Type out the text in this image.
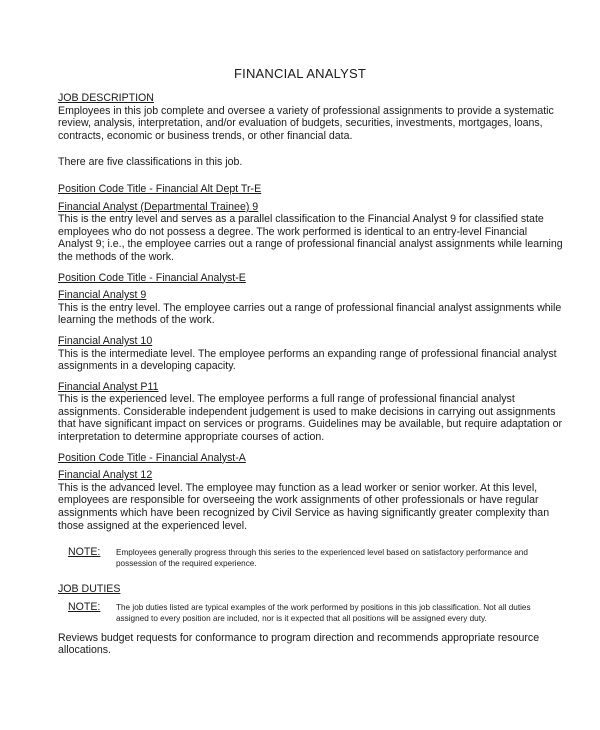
FINANCIAL ANALYST

JOB DESCRIPTION

Employees in this job complete and oversee a variety of professional assignments to provide a systematic review, analysis, interpretation, and/or evaluation of budgets, securities, investments, mortgages, loans, contracts, economic or business trends, or other financial data.

There are five classifications in this job.

Position Code Title - Financial Alt Dept Tr-E

Financial Analyst (Departmental Trainee) 9

This is the entry level and serves as a parallel classification to the Financial Analyst 9 for classified state employees who do not possess a degree. The work performed is identical to an entry-level Financial Analyst 9; i.e., the employee carries out a range of professional financial analyst assignments while learning the methods of the work.

Position Code Title - Financial Analyst-E

Financial Analyst 9

This is the entry level. The employee carries out a range of professional financial analyst assignments while learning the methods of the work.

Financial Analyst 10

This is the intermediate level. The employee performs an expanding range of professional financial analyst assignments in a developing capacity.

Financial Analyst P11

This is the experienced level. The employee performs a full range of professional financial analyst assignments. Considerable independent judgement is used to make decisions in carrying out assignments that have significant impact on services or programs. Guidelines may be available, but require adaptation or interpretation to determine appropriate courses of action.

Position Code Title - Financial Analyst-A

Financial Analyst 12

This is the advanced level. The employee may function as a lead worker or senior worker. At this level, employees are responsible for overseeing the work assignments of other professionals or have regular assignments which have been recognized by Civil Service as having significantly greater complexity than those assigned at the experienced level.

NOTE:	Employees generally progress through this series to the experienced level based on satisfactory performance and possession of the required experience.

JOB DUTIES

NOTE:	The job duties listed are typical examples of the work performed by positions in this job classification. Not all duties assigned to every position are included, nor is it expected that all positions will be assigned every duty.

Reviews budget requests for conformance to program direction and recommends appropriate resource allocations.
